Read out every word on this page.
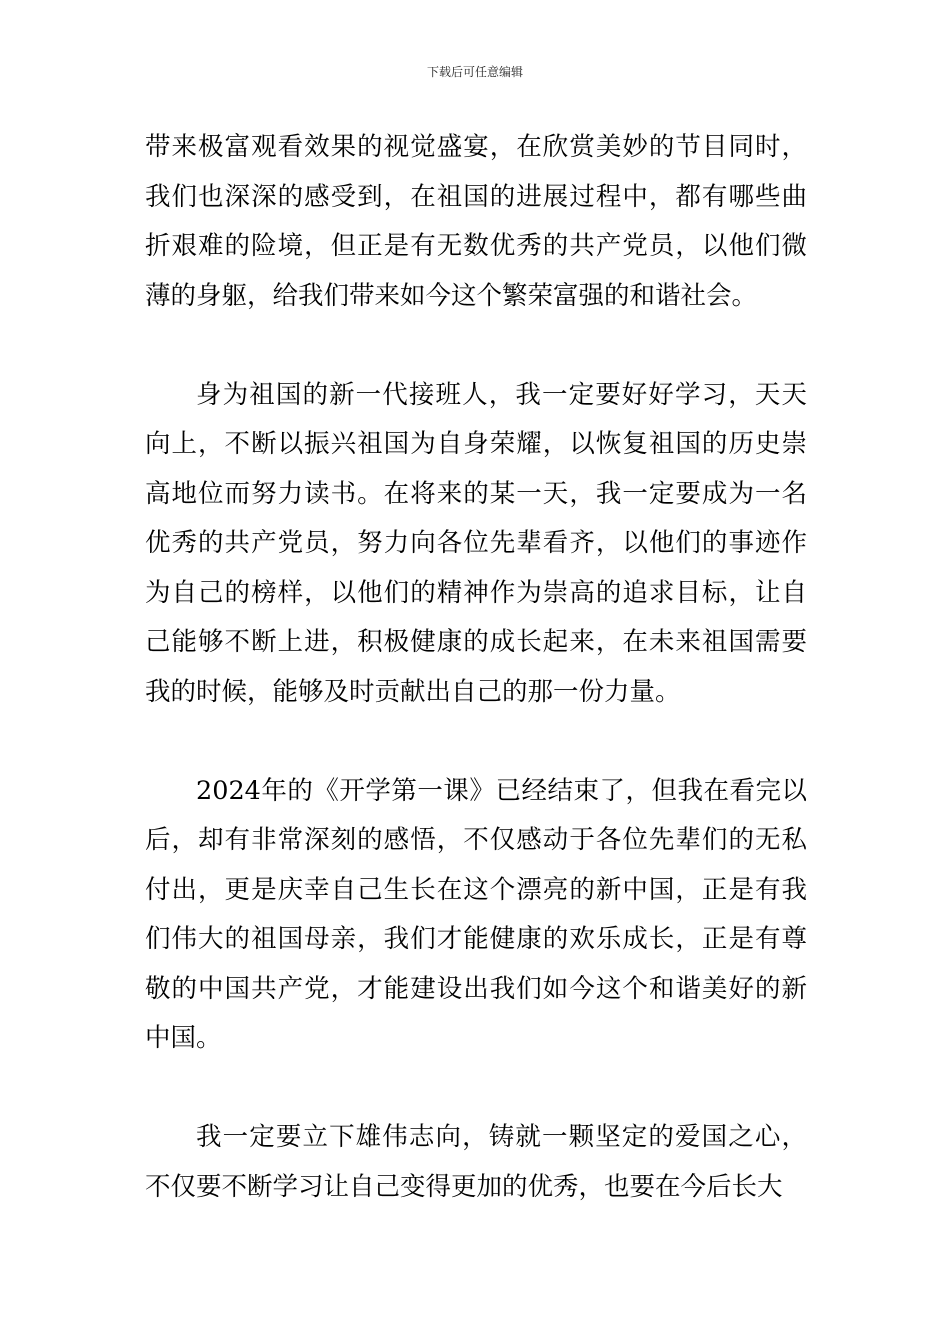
下载后可任意编辑

带来极富观看效果的视觉盛宴，在欣赏美妙的节目同时，我们也深深的感受到，在祖国的进展过程中，都有哪些曲折艰难的险境，但正是有无数优秀的共产党员，以他们微薄的身躯，给我们带来如今这个繁荣富强的和谐社会。

身为祖国的新一代接班人，我一定要好好学习，天天向上，不断以振兴祖国为自身荣耀，以恢复祖国的历史崇高地位而努力读书。在将来的某一天，我一定要成为一名优秀的共产党员，努力向各位先辈看齐，以他们的事迹作为自己的榜样，以他们的精神作为崇高的追求目标，让自己能够不断上进，积极健康的成长起来，在未来祖国需要我的时候，能够及时贡献出自己的那一份力量。

2024年的《开学第一课》已经结束了，但我在看完以后，却有非常深刻的感悟，不仅感动于各位先辈们的无私付出，更是庆幸自己生长在这个漂亮的新中国，正是有我们伟大的祖国母亲，我们才能健康的欢乐成长，正是有尊敬的中国共产党，才能建设出我们如今这个和谐美好的新中国。

我一定要立下雄伟志向，铸就一颗坚定的爱国之心，不仅要不断学习让自己变得更加的优秀，也要在今后长大
